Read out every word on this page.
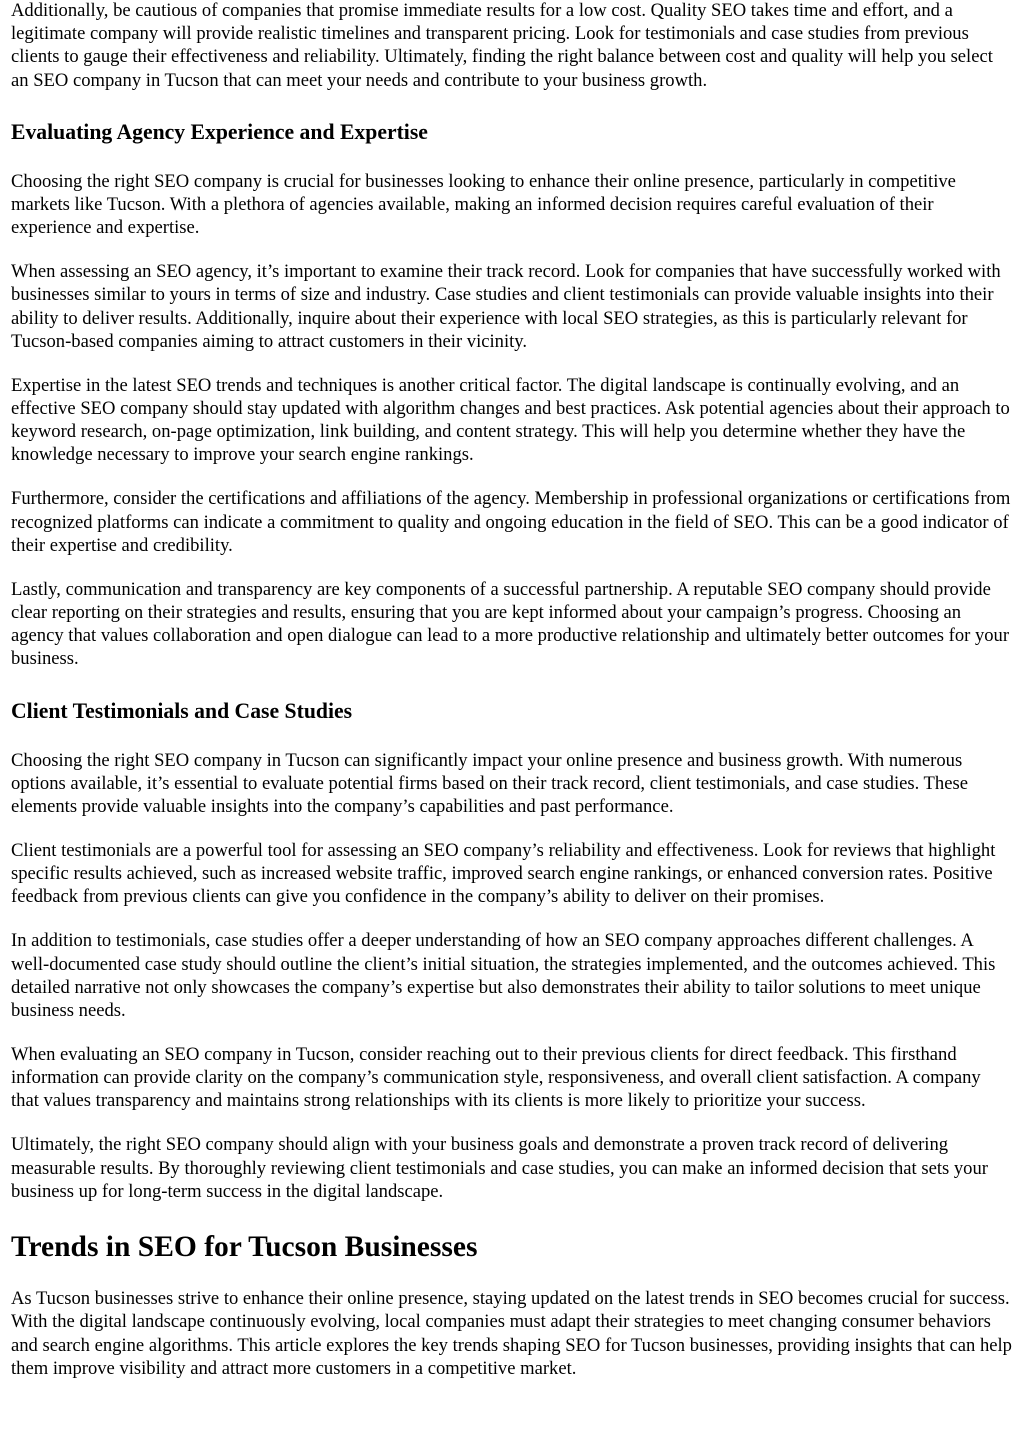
Additionally, be cautious of companies that promise immediate results for a low cost. Quality SEO takes time and effort, and a legitimate company will provide realistic timelines and transparent pricing. Look for testimonials and case studies from previous clients to gauge their effectiveness and reliability. Ultimately, finding the right balance between cost and quality will help you select an SEO company in Tucson that can meet your needs and contribute to your business growth.

Evaluating Agency Experience and Expertise

Choosing the right SEO company is crucial for businesses looking to enhance their online presence, particularly in competitive markets like Tucson. With a plethora of agencies available, making an informed decision requires careful evaluation of their experience and expertise.

When assessing an SEO agency, it’s important to examine their track record. Look for companies that have successfully worked with businesses similar to yours in terms of size and industry. Case studies and client testimonials can provide valuable insights into their ability to deliver results. Additionally, inquire about their experience with local SEO strategies, as this is particularly relevant for Tucson-based companies aiming to attract customers in their vicinity.

Expertise in the latest SEO trends and techniques is another critical factor. The digital landscape is continually evolving, and an effective SEO company should stay updated with algorithm changes and best practices. Ask potential agencies about their approach to keyword research, on-page optimization, link building, and content strategy. This will help you determine whether they have the knowledge necessary to improve your search engine rankings.

Furthermore, consider the certifications and affiliations of the agency. Membership in professional organizations or certifications from recognized platforms can indicate a commitment to quality and ongoing education in the field of SEO. This can be a good indicator of their expertise and credibility.

Lastly, communication and transparency are key components of a successful partnership. A reputable SEO company should provide clear reporting on their strategies and results, ensuring that you are kept informed about your campaign’s progress. Choosing an agency that values collaboration and open dialogue can lead to a more productive relationship and ultimately better outcomes for your business.

Client Testimonials and Case Studies

Choosing the right SEO company in Tucson can significantly impact your online presence and business growth. With numerous options available, it’s essential to evaluate potential firms based on their track record, client testimonials, and case studies. These elements provide valuable insights into the company’s capabilities and past performance.

Client testimonials are a powerful tool for assessing an SEO company’s reliability and effectiveness. Look for reviews that highlight specific results achieved, such as increased website traffic, improved search engine rankings, or enhanced conversion rates. Positive feedback from previous clients can give you confidence in the company’s ability to deliver on their promises.

In addition to testimonials, case studies offer a deeper understanding of how an SEO company approaches different challenges. A well-documented case study should outline the client’s initial situation, the strategies implemented, and the outcomes achieved. This detailed narrative not only showcases the company’s expertise but also demonstrates their ability to tailor solutions to meet unique business needs.

When evaluating an SEO company in Tucson, consider reaching out to their previous clients for direct feedback. This firsthand information can provide clarity on the company’s communication style, responsiveness, and overall client satisfaction. A company that values transparency and maintains strong relationships with its clients is more likely to prioritize your success.

Ultimately, the right SEO company should align with your business goals and demonstrate a proven track record of delivering measurable results. By thoroughly reviewing client testimonials and case studies, you can make an informed decision that sets your business up for long-term success in the digital landscape.

Trends in SEO for Tucson Businesses

As Tucson businesses strive to enhance their online presence, staying updated on the latest trends in SEO becomes crucial for success. With the digital landscape continuously evolving, local companies must adapt their strategies to meet changing consumer behaviors and search engine algorithms. This article explores the key trends shaping SEO for Tucson businesses, providing insights that can help them improve visibility and attract more customers in a competitive market.
